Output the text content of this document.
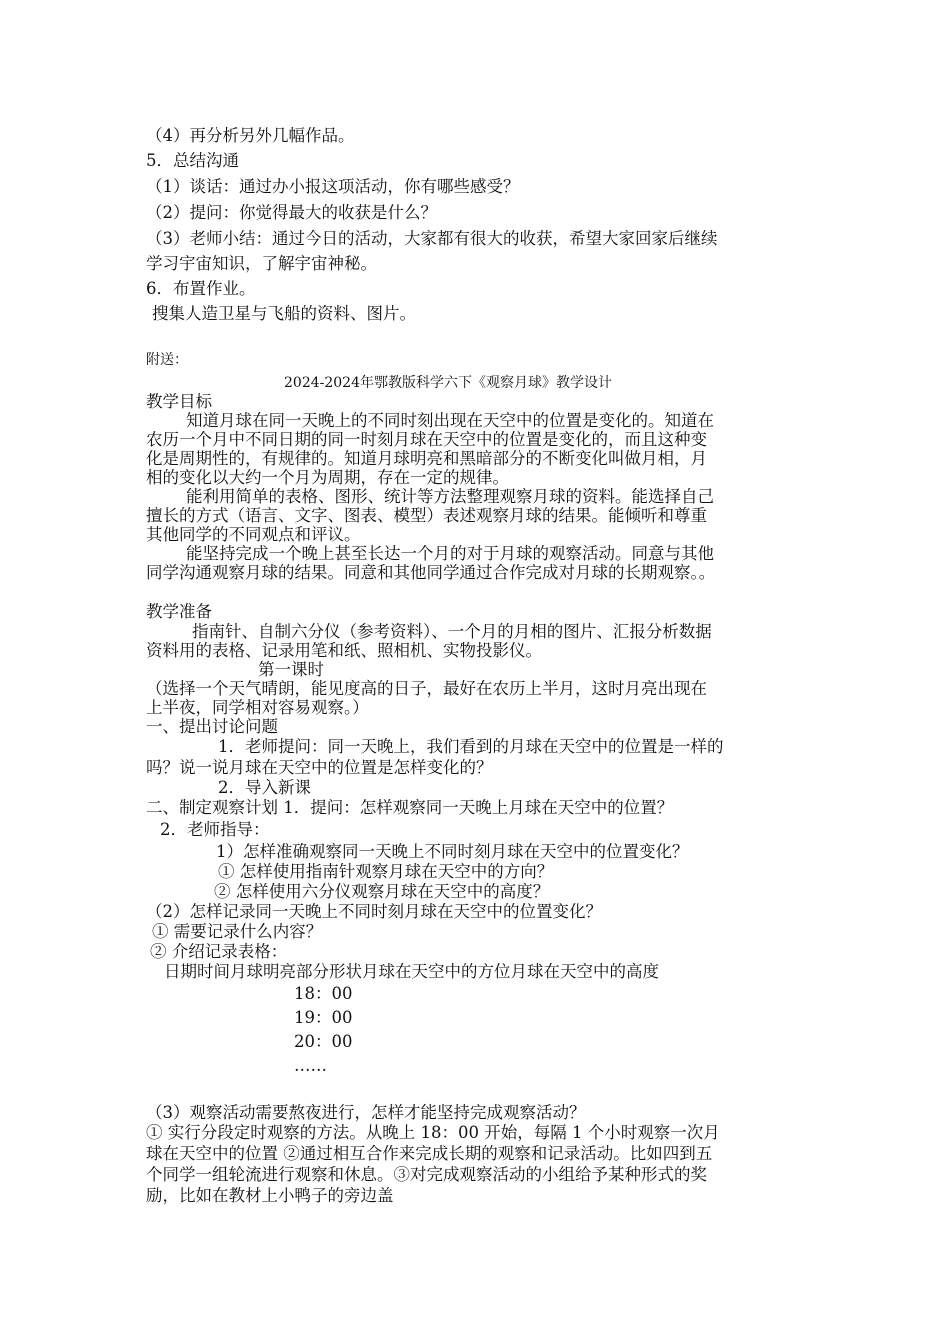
（4）再分析另外几幅作品。

5．总结沟通

（1）谈话：通过办小报这项活动，你有哪些感受？

（2）提问：你觉得最大的收获是什么？

（3）老师小结：通过今日的活动，大家都有很大的收获，希望大家回家后继续

学习宇宙知识，了解宇宙神秘。

6．布置作业。

搜集人造卫星与飞船的资料、图片。

附送：

2024-2024年鄂教版科学六下《观察月球》教学设计

教学目标

知道月球在同一天晚上的不同时刻出现在天空中的位置是变化的。知道在

农历一个月中不同日期的同一时刻月球在天空中的位置是变化的，而且这种变

化是周期性的，有规律的。知道月球明亮和黑暗部分的不断变化叫做月相，月

相的变化以大约一个月为周期，存在一定的规律。

能利用简单的表格、图形、统计等方法整理观察月球的资料。能选择自己

擅长的方式（语言、文字、图表、模型）表述观察月球的结果。能倾听和尊重

其他同学的不同观点和评议。

能坚持完成一个晚上甚至长达一个月的对于月球的观察活动。同意与其他

同学沟通观察月球的结果。同意和其他同学通过合作完成对月球的长期观察。。

教学准备

指南针、自制六分仪（参考资料）、一个月的月相的图片、汇报分析数据

资料用的表格、记录用笔和纸、照相机、实物投影仪。

第一课时

（选择一个天气晴朗，能见度高的日子，最好在农历上半月，这时月亮出现在

上半夜，同学相对容易观察。）

一、提出讨论问题

1．老师提问：同一天晚上，我们看到的月球在天空中的位置是一样的

吗？说一说月球在天空中的位置是怎样变化的？

2．导入新课

二、制定观察计划 1．提问：怎样观察同一天晚上月球在天空中的位置？

2．老师指导：

1）怎样准确观察同一天晚上不同时刻月球在天空中的位置变化？

① 怎样使用指南针观察月球在天空中的方向？

② 怎样使用六分仪观察月球在天空中的高度？

（2）怎样记录同一天晚上不同时刻月球在天空中的位置变化？

① 需要记录什么内容？

② 介绍记录表格：

日期时间月球明亮部分形状月球在天空中的方位月球在天空中的高度

18：00

19：00

20：00

……

（3）观察活动需要熬夜进行，怎样才能坚持完成观察活动？

① 实行分段定时观察的方法。从晚上 18：00 开始，每隔 1 个小时观察一次月

球在天空中的位置 ②通过相互合作来完成长期的观察和记录活动。比如四到五

个同学一组轮流进行观察和休息。③对完成观察活动的小组给予某种形式的奖

励，比如在教材上小鸭子的旁边盖
